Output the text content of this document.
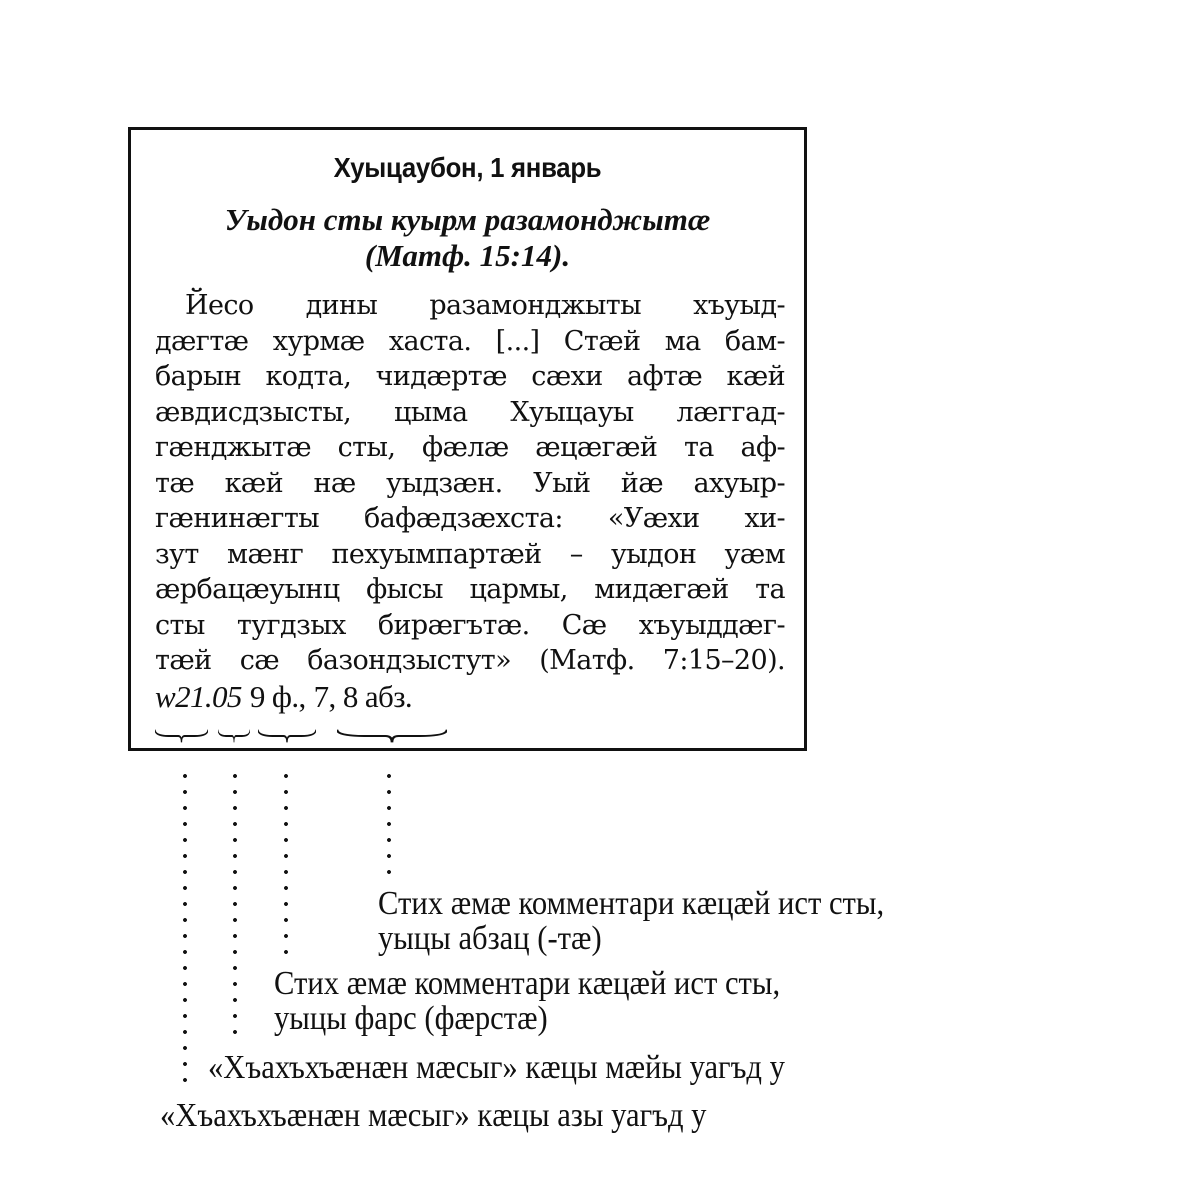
Хуыцаубон, 1 январь
Уыдон сты куырм разамонджытæ
(Матф. 15:14).
Йесо дины разамонджыты хъуыд-
дæгтæ хурмæ хаста. [...] Стæй ма бам-
барын кодта, чидæртæ сæхи афтæ кæй
æвдисдзысты, цыма Хуыцауы лæггад-
гæнджытæ сты, фæлæ æцæгæй та аф-
тæ кæй нæ уыдзæн. Уый йæ ахуыр-
гæнинæгты бафæдзæхста: «Уæхи хи-
зут мæнг пехуымпартæй – уыдон уæм
æрбацæуынц фысы цармы, мидæгæй та
сты тугдзых бирæгътæ. Сæ хъуыддæг-
тæй сæ базондзыстут» (Матф. 7:15–20).
w21.05 9 ф., 7, 8 абз.
Стих æмæ комментари кæцæй ист сты,
уыцы абзац (-тæ)
Стих æмæ комментари кæцæй ист сты,
уыцы фарс (фæрстæ)
«Хъахъхъæнæн мæсыг» кæцы мæйы уагъд у
«Хъахъхъæнæн мæсыг» кæцы азы уагъд у
